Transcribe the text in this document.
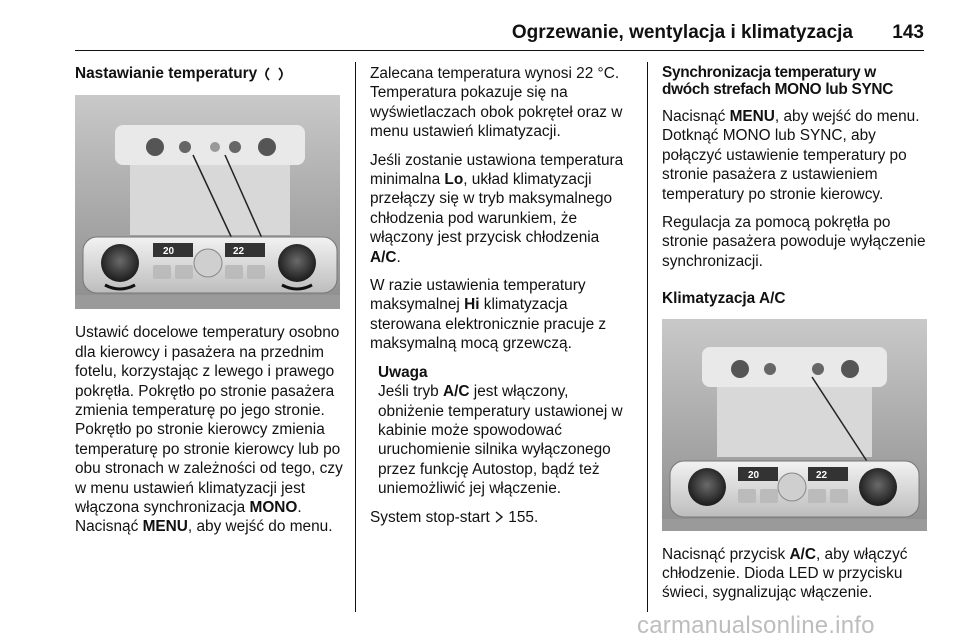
Ogrzewanie, wentylacja i klimatyzacja 143
Nastawianie temperatury
20	22

Ustawić docelowe temperatury osobno dla kierowcy i pasażera na przednim fotelu, korzystając z lewego i prawego pokrętła. Pokrętło po stronie pasażera zmienia temperaturę po jego stronie. Pokrętło po stronie kierowcy zmienia temperaturę po stronie kierowcy lub po obu stronach w zależności od tego, czy w menu ustawień klimatyzacji jest włączona synchronizacja MONO. Nacisnąć MENU, aby wejść do menu.

Zalecana temperatura wynosi 22 °C. Temperatura pokazuje się na wyświetlaczach obok pokręteł oraz w menu ustawień klimatyzacji.

Jeśli zostanie ustawiona temperatura minimalna Lo, układ klimatyzacji przełączy się w tryb maksymalnego chłodzenia pod warunkiem, że włączony jest przycisk chłodzenia A/C.

W razie ustawienia temperatury maksymalnej Hi klimatyzacja sterowana elektronicznie pracuje z maksymalną mocą grzewczą.

Uwaga
Jeśli tryb A/C jest włączony, obniżenie temperatury ustawionej w kabinie może spowodować uruchomienie silnika wyłączonego przez funkcję Autostop, bądź też uniemożliwić jej włączenie.

System stop-start  155.

Synchronizacja temperatury w dwóch strefach MONO lub SYNC

Nacisnąć MENU, aby wejść do menu. Dotknąć MONO lub SYNC, aby połączyć ustawienie temperatury po stronie pasażera z ustawieniem temperatury po stronie kierowcy.

Regulacja za pomocą pokrętła po stronie pasażera powoduje wyłączenie synchronizacji.

Klimatyzacja A/C
20	22

Nacisnąć przycisk A/C, aby włączyć chłodzenie. Dioda LED w przycisku świeci, sygnalizując włączenie.

carmanualsonline.info
